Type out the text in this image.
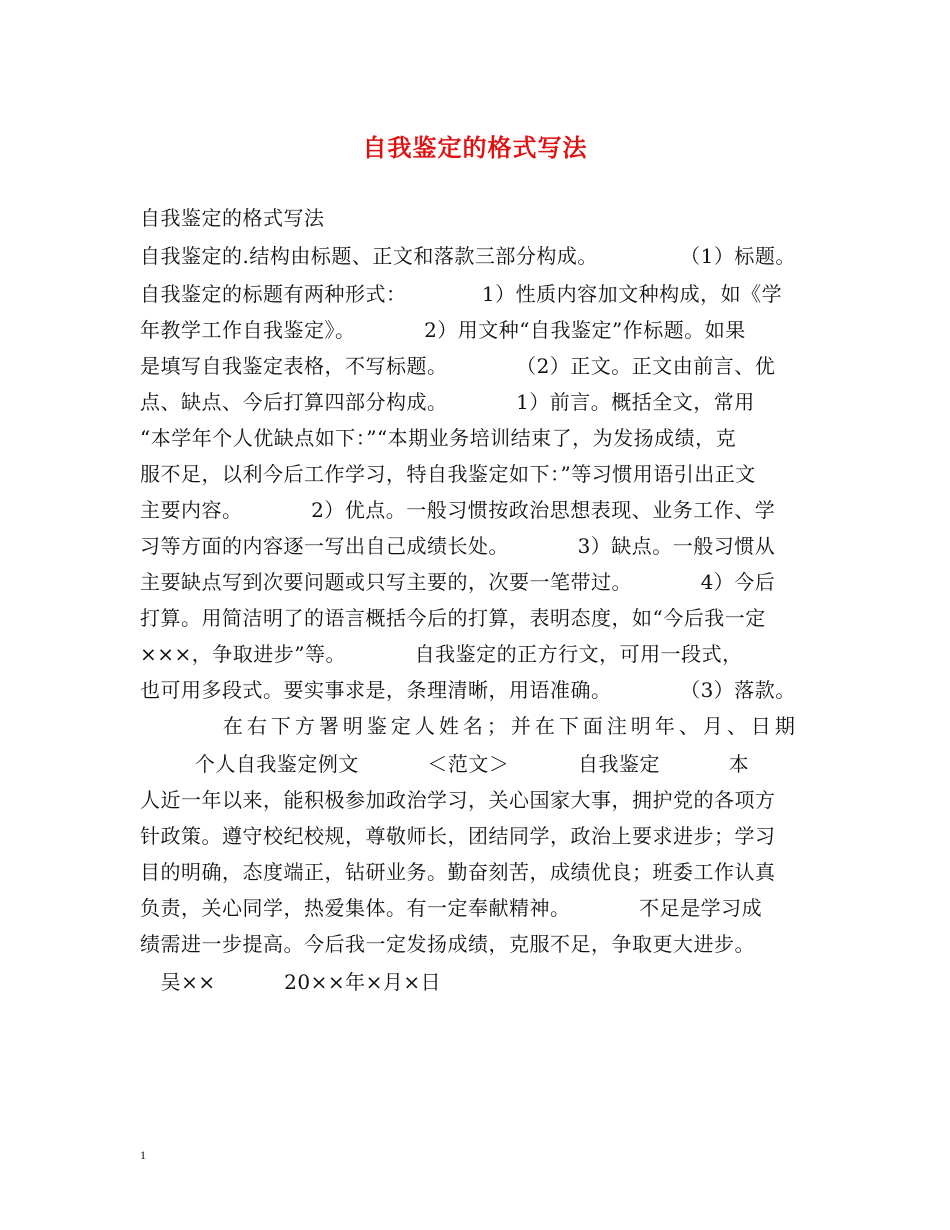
自我鉴定的格式写法
自我鉴定的格式写法
自我鉴定的.结构由标题、正文和落款三部分构成。            （1）标题。
自我鉴定的标题有两种形式：           1）性质内容加文种构成，如《学
年教学工作自我鉴定》。          2）用文种“自我鉴定”作标题。如果
是填写自我鉴定表格，不写标题。          （2）正文。正文由前言、优
点、缺点、今后打算四部分构成。          1）前言。概括全文，常用
“本学年个人优缺点如下：”“本期业务培训结束了，为发扬成绩，克
服不足，以利今后工作学习，特自我鉴定如下：”等习惯用语引出正文
主要内容。          2）优点。一般习惯按政治思想表现、业务工作、学
习等方面的内容逐一写出自己成绩长处。          3）缺点。一般习惯从
主要缺点写到次要问题或只写主要的，次要一笔带过。          4）今后
打算。用简洁明了的语言概括今后的打算，表明态度，如“今后我一定
×××，争取进步”等。          自我鉴定的正方行文，可用一段式，
也可用多段式。要实事求是，条理清晰，用语准确。          （3）落款。
在右下方署明鉴定人姓名；并在下面注明年、月、日期
个人自我鉴定例文          ＜范文＞          自我鉴定          本
人近一年以来，能积极参加政治学习，关心国家大事，拥护党的各项方
针政策。遵守校纪校规，尊敬师长，团结同学，政治上要求进步；学习
目的明确，态度端正，钻研业务。勤奋刻苦，成绩优良；班委工作认真
负责，关心同学，热爱集体。有一定奉献精神。          不足是学习成
绩需进一步提高。今后我一定发扬成绩，克服不足，争取更大进步。
吴××          20××年×月×日
1
